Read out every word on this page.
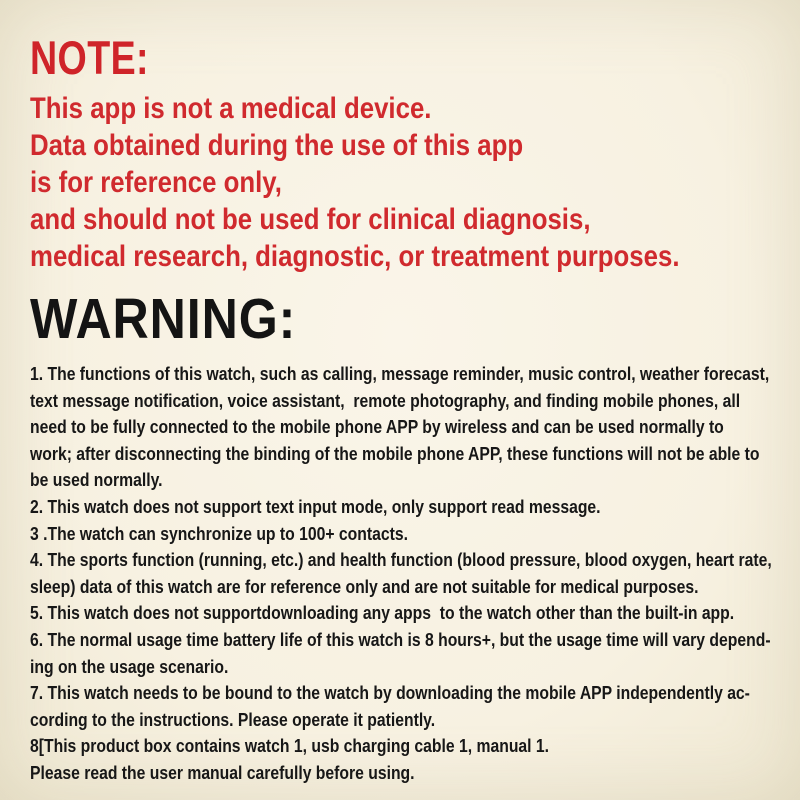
NOTE:
This app is not a medical device.
Data obtained during the use of this app
is for reference only,
and should not be used for clinical diagnosis,
medical research, diagnostic, or treatment purposes.
WARNING:
1. The functions of this watch, such as calling, message reminder, music control, weather forecast,
text message notification, voice assistant,  remote photography, and finding mobile phones, all
need to be fully connected to the mobile phone APP by wireless and can be used normally to
work; after disconnecting the binding of the mobile phone APP, these functions will not be able to
be used normally.
2. This watch does not support text input mode, only support read message.
3 .The watch can synchronize up to 100+ contacts.
4. The sports function (running, etc.) and health function (blood pressure, blood oxygen, heart rate,
sleep) data of this watch are for reference only and are not suitable for medical purposes.
5. This watch does not supportdownloading any apps  to the watch other than the built-in app.
6. The normal usage time battery life of this watch is 8 hours+, but the usage time will vary depend-
ing on the usage scenario.
7. This watch needs to be bound to the watch by downloading the mobile APP independently ac-
cording to the instructions. Please operate it patiently.
8[This product box contains watch 1, usb charging cable 1, manual 1.
Please read the user manual carefully before using.
